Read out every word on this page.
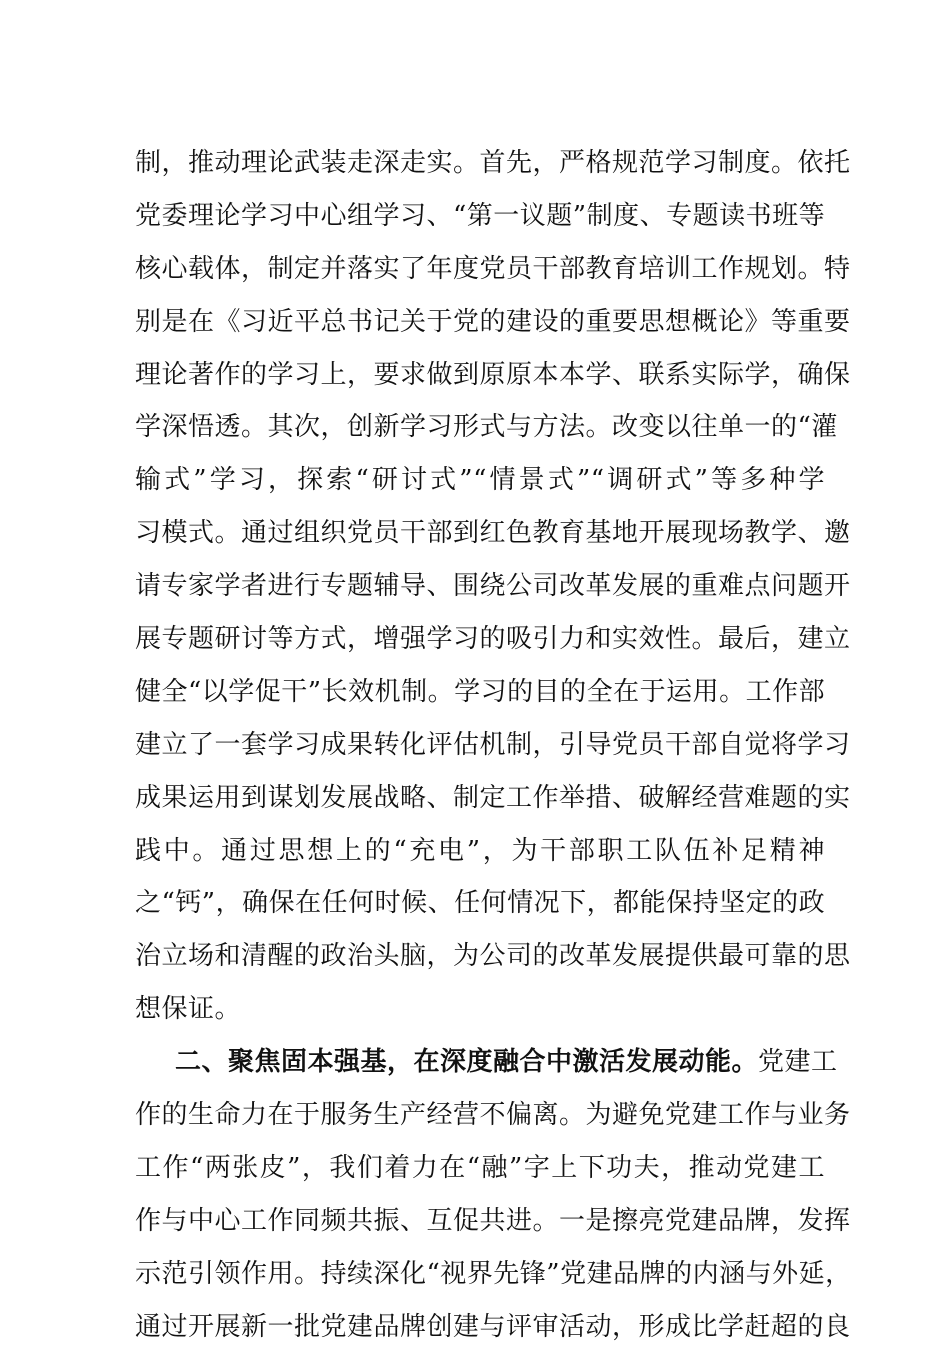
制，推动理论武装走深走实。首先，严格规范学习制度。依托
党委理论学习中心组学习、“第一议题”制度、专题读书班等
核心载体，制定并落实了年度党员干部教育培训工作规划。特
别是在《习近平总书记关于党的建设的重要思想概论》等重要
理论著作的学习上，要求做到原原本本学、联系实际学，确保
学深悟透。其次，创新学习形式与方法。改变以往单一的“灌
输式”学习，探索“研讨式”“情景式”“调研式”等多种学
习模式。通过组织党员干部到红色教育基地开展现场教学、邀
请专家学者进行专题辅导、围绕公司改革发展的重难点问题开
展专题研讨等方式，增强学习的吸引力和实效性。最后，建立
健全“以学促干”长效机制。学习的目的全在于运用。工作部
建立了一套学习成果转化评估机制，引导党员干部自觉将学习
成果运用到谋划发展战略、制定工作举措、破解经营难题的实
践中。通过思想上的“充电”，为干部职工队伍补足精神
之“钙”，确保在任何时候、任何情况下，都能保持坚定的政
治立场和清醒的政治头脑，为公司的改革发展提供最可靠的思
想保证。
二、聚焦固本强基，在深度融合中激活发展动能。党建工
作的生命力在于服务生产经营不偏离。为避免党建工作与业务
工作“两张皮”，我们着力在“融”字上下功夫，推动党建工
作与中心工作同频共振、互促共进。一是擦亮党建品牌，发挥
示范引领作用。持续深化“视界先锋”党建品牌的内涵与外延，
通过开展新一批党建品牌创建与评审活动，形成比学赶超的良
